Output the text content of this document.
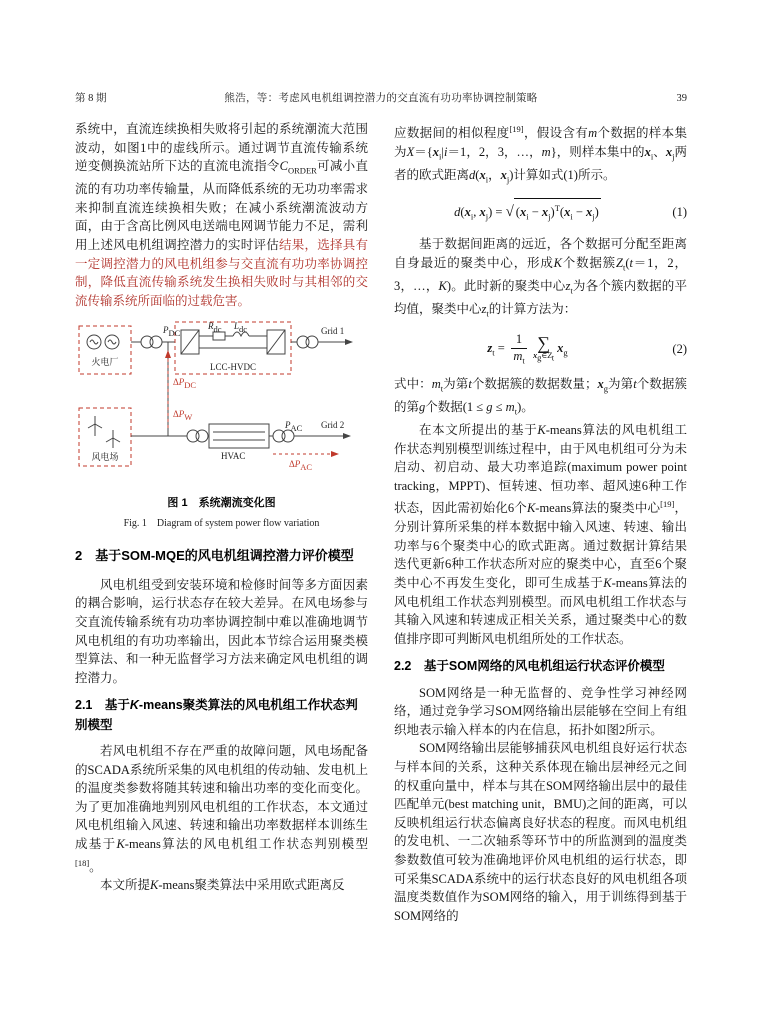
第 8 期	熊浩，等：考虑风电机组调控潜力的交直流有功功率协调控制策略	39

系统中，直流连续换相失败将引起的系统潮流大范围波动，如图1中的虚线所示。通过调节直流传输系统逆变侧换流站所下达的直流电流指令$C_{ORDER}$可减小直流的有功功率传输量，从而降低系统的无功功率需求来抑制直流连续换相失败；在减小系统潮流波动方面，由于含高比例风电送端电网调节能力不足，需利用上述风电机组调控潜力的实时评估结果，选择具有一定调控潜力的风电机组参与交直流有功功率协调控制，降低直流传输系统发生换相失败时与其相邻的交流传输系统所面临的过载危害。

火电厂
$P_{DC}$
$R_{dc}$ $L_{dc}$
LCC-HVDC
Grid 1
$\Delta P_{DC}$
$\Delta P_W$
风电场	HVAC
$P_{AC}$ Grid 2
$\Delta P_{AC}$
图 1　系统潮流变化图
Fig. 1　Diagram of system power flow variation
2　基于SOM-MQE的风电机组调控潜力评价模型

风电机组受到安装环境和检修时间等多方面因素的耦合影响，运行状态存在较大差异。在风电场参与交直流传输系统有功功率协调控制中难以准确地调节风电机组的有功功率输出，因此本节综合运用聚类模型算法、和一种无监督学习方法来确定风电机组的调控潜力。

2.1　基于K-means聚类算法的风电机组工作状态判别模型

若风电机组不存在严重的故障问题，风电场配备的SCADA系统所采集的风电机组的传动轴、发电机上的温度类参数将随其转速和输出功率的变化而变化。为了更加准确地判别风电机组的工作状态，本文通过风电机组输入风速、转速和输出功率数据样本训练生成基于K-means算法的风电机组工作状态判别模型[18]。

本文所提K-means聚类算法中采用欧式距离反

应数据间的相似程度[19]，假设含有m个数据的样本集为$X=\{x_i|i=1$，2，3，…，m}，则样本集中的$x_i$、$x_j$两者的欧式距离$d(x_i$，$x_j$)计算如式(1)所示。

$d(x_i$, $x_j$) = √ $(x_i - x_j)^T(x_i - x_j)$	(1)

基于数据间距离的远近，各个数据可分配至距离自身最近的聚类中心，形成K个数据簇$Z_t(t=1$，2，3，…，K)。此时新的聚类中心$z_t$为各个簇内数据的平均值，聚类中心$z_t$的计算方法为：

$z_t = \frac{1}{m_t}$ ∑
$x_g\in Z_t$
$x_g$	(2)

式中：$m_t$为第t个数据簇的数据数量；$x_g$为第t个数据簇的第g个数据$(1 \le g \le m_t)$。

在本文所提出的基于K-means算法的风电机组工作状态判别模型训练过程中，由于风电机组可分为未启动、初启动、最大功率追踪(maximum power point tracking，MPPT)、恒转速、恒功率、超风速6种工作状态，因此需初始化6个K-means算法的聚类中心[19]，分别计算所采集的样本数据中输入风速、转速、输出功率与6个聚类中心的欧式距离。通过数据计算结果迭代更新6种工作状态所对应的聚类中心，直至6个聚类中心不再发生变化，即可生成基于K-means算法的风电机组工作状态判别模型。而风电机组工作状态与其输入风速和转速成正相关关系，通过聚类中心的数值排序即可判断风电机组所处的工作状态。

2.2　基于SOM网络的风电机组运行状态评价模型

SOM网络是一种无监督的、竞争性学习神经网络，通过竞争学习SOM网络输出层能够在空间上有组织地表示输入样本的内在信息，拓扑如图2所示。

SOM网络输出层能够捕获风电机组良好运行状态与样本间的关系，这种关系体现在输出层神经元之间的权重向量中，样本与其在SOM网络输出层中的最佳匹配单元(best matching unit，BMU)之间的距离，可以反映机组运行状态偏离良好状态的程度。而风电机组的发电机、一二次轴系等环节中的所监测到的温度类参数数值可较为准确地评价风电机组的运行状态，即可采集SCADA系统中的运行状态良好的风电机组各项温度类数值作为SOM网络的输入，用于训练得到基于SOM网络的
